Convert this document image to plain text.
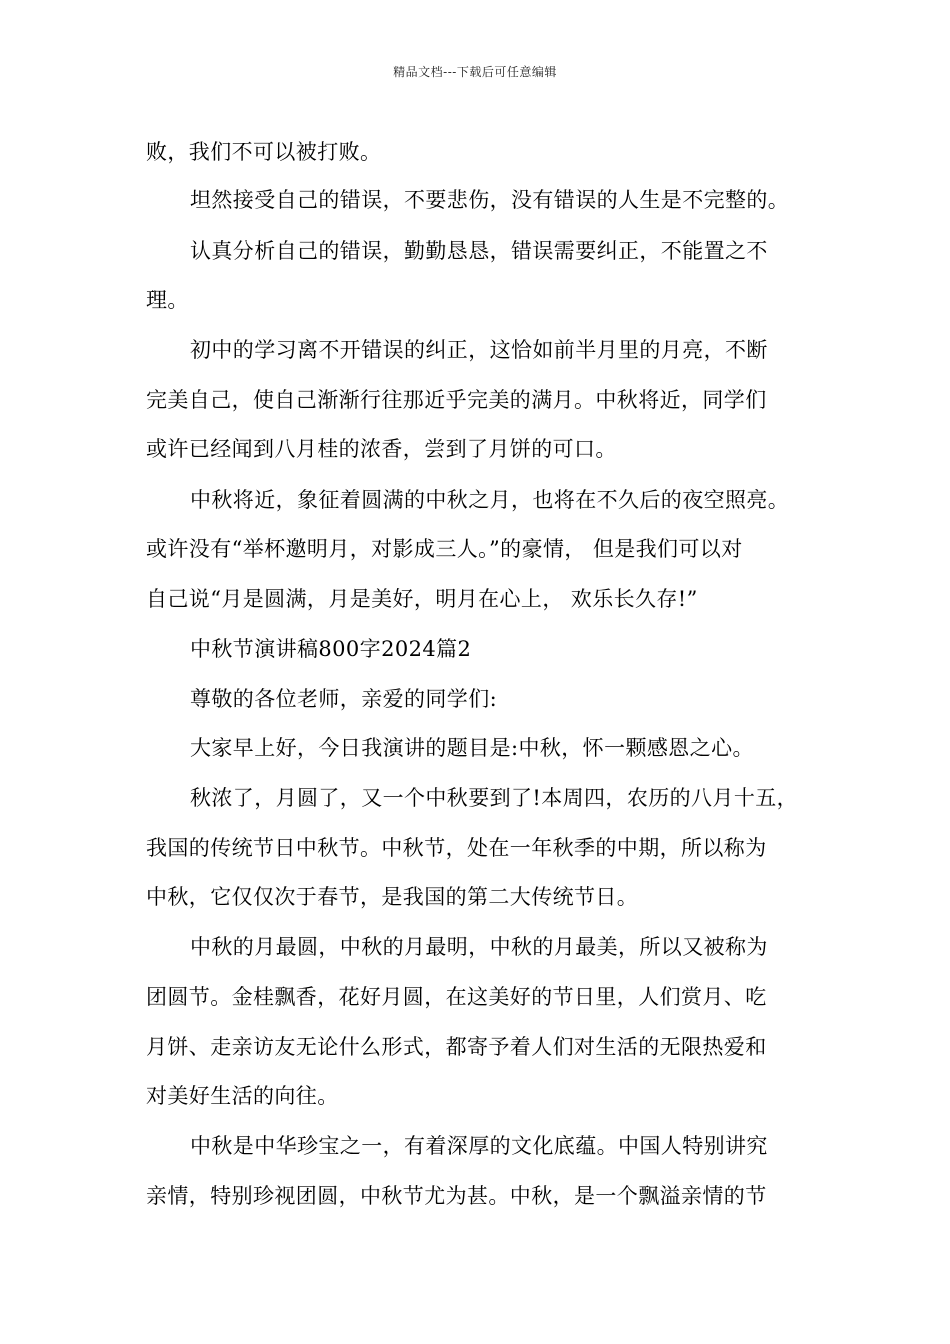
精品文档---下载后可任意编辑
败，我们不可以被打败。
坦然接受自己的错误，不要悲伤，没有错误的人生是不完整的。
认真分析自己的错误，勤勤恳恳，错误需要纠正，不能置之不
理。
初中的学习离不开错误的纠正，这恰如前半月里的月亮，不断
完美自己，使自己渐渐行往那近乎完美的满月。中秋将近，同学们
或许已经闻到八月桂的浓香，尝到了月饼的可口。
中秋将近，象征着圆满的中秋之月，也将在不久后的夜空照亮。
或许没有“举杯邀明月，对影成三人。”的豪情， 但是我们可以对
自己说“月是圆满，月是美好，明月在心上， 欢乐长久存!”
中秋节演讲稿800字2024篇2
尊敬的各位老师，亲爱的同学们:
大家早上好，今日我演讲的题目是:中秋，怀一颗感恩之心。
秋浓了，月圆了，又一个中秋要到了!本周四，农历的八月十五，
我国的传统节日中秋节。中秋节，处在一年秋季的中期，所以称为
中秋，它仅仅次于春节，是我国的第二大传统节日。
中秋的月最圆，中秋的月最明，中秋的月最美，所以又被称为
团圆节。金桂飘香，花好月圆，在这美好的节日里，人们赏月、吃
月饼、走亲访友无论什么形式，都寄予着人们对生活的无限热爱和
对美好生活的向往。
中秋是中华珍宝之一，有着深厚的文化底蕴。中国人特别讲究
亲情，特别珍视团圆，中秋节尤为甚。中秋，是一个飘溢亲情的节
